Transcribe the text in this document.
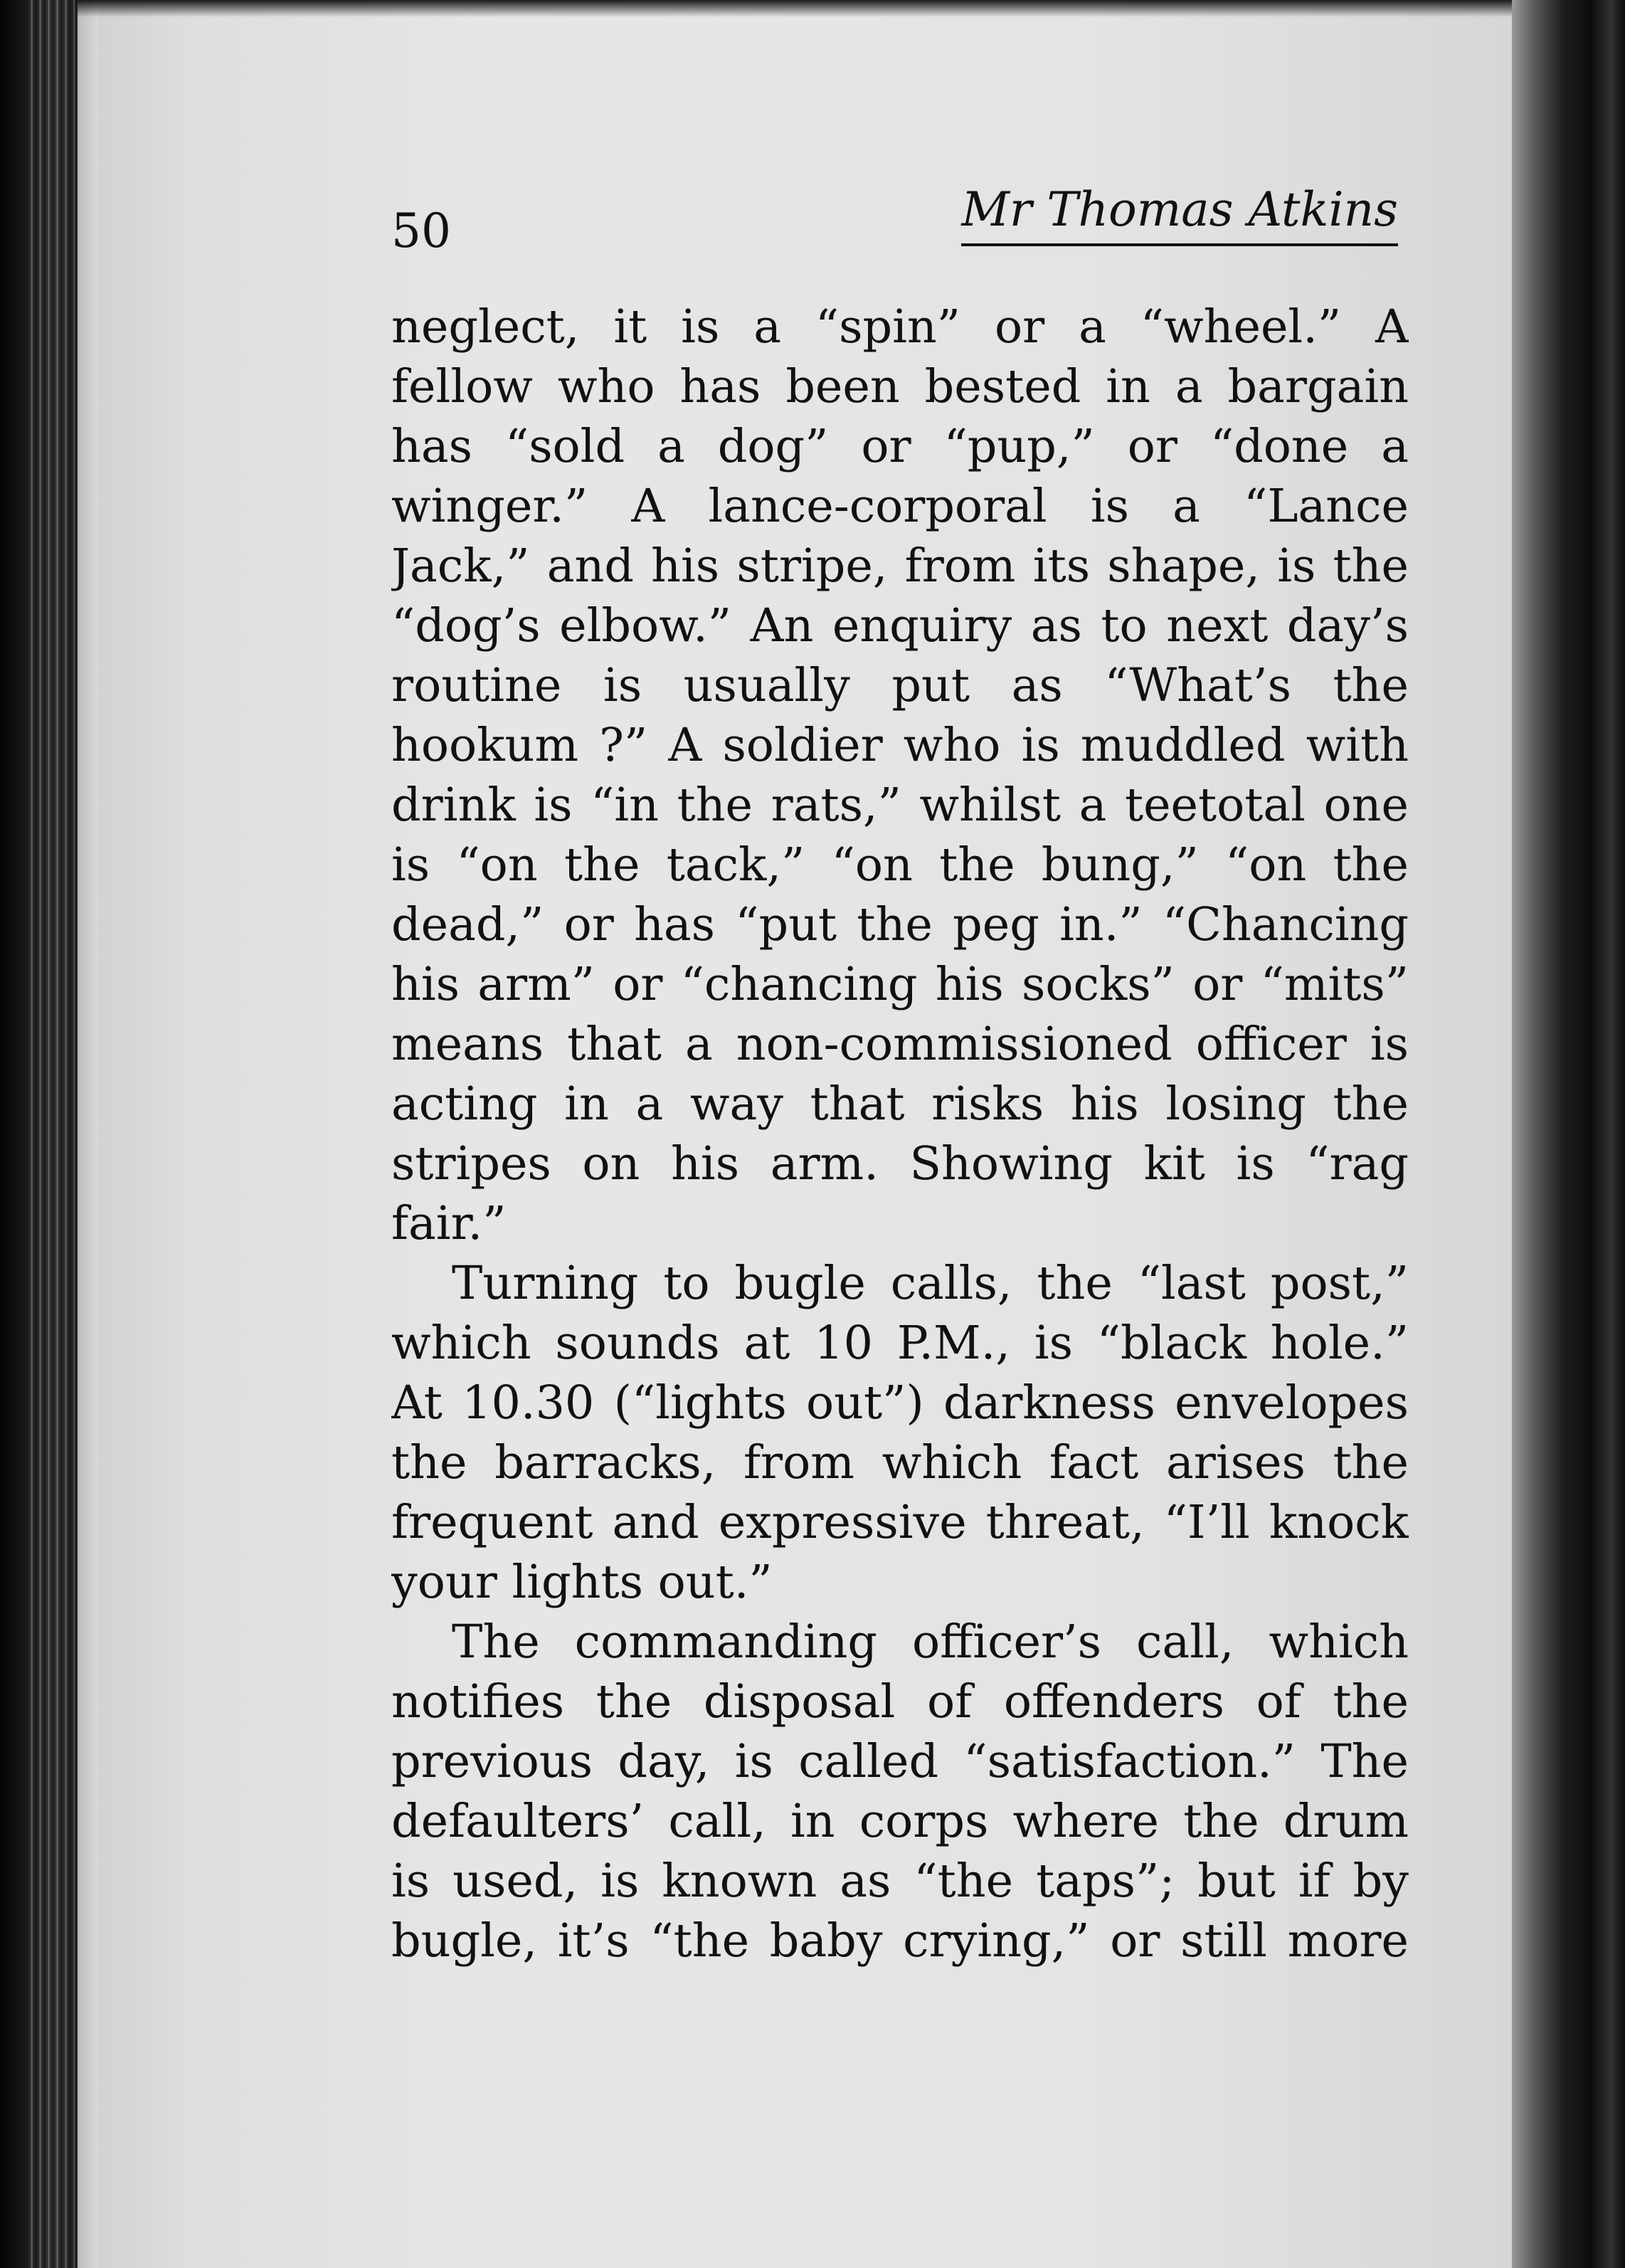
50	Mr Thomas Atkins
neglect, it is a “spin” or a “wheel.” A
fellow who has been bested in a bargain
has “sold a dog” or “pup,” or “done a
winger.” A lance-corporal is a “Lance
Jack,” and his stripe, from its shape, is the
“dog’s elbow.” An enquiry as to next day’s
routine is usually put as “What’s the
hookum ?” A soldier who is muddled with
drink is “in the rats,” whilst a teetotal one
is “on the tack,” “on the bung,” “on the
dead,” or has “put the peg in.” “Chancing
his arm” or “chancing his socks” or “mits”
means that a non-commissioned officer is
acting in a way that risks his losing the
stripes on his arm. Showing kit is “rag
fair.”
Turning to bugle calls, the “last post,”
which sounds at 10 P.M., is “black hole.”
At 10.30 (“lights out”) darkness envelopes
the barracks, from which fact arises the
frequent and expressive threat, “I’ll knock
your lights out.”
The commanding officer’s call, which
notifies the disposal of offenders of the
previous day, is called “satisfaction.” The
defaulters’ call, in corps where the drum
is used, is known as “the taps”; but if by
bugle, it’s “the baby crying,” or still more
